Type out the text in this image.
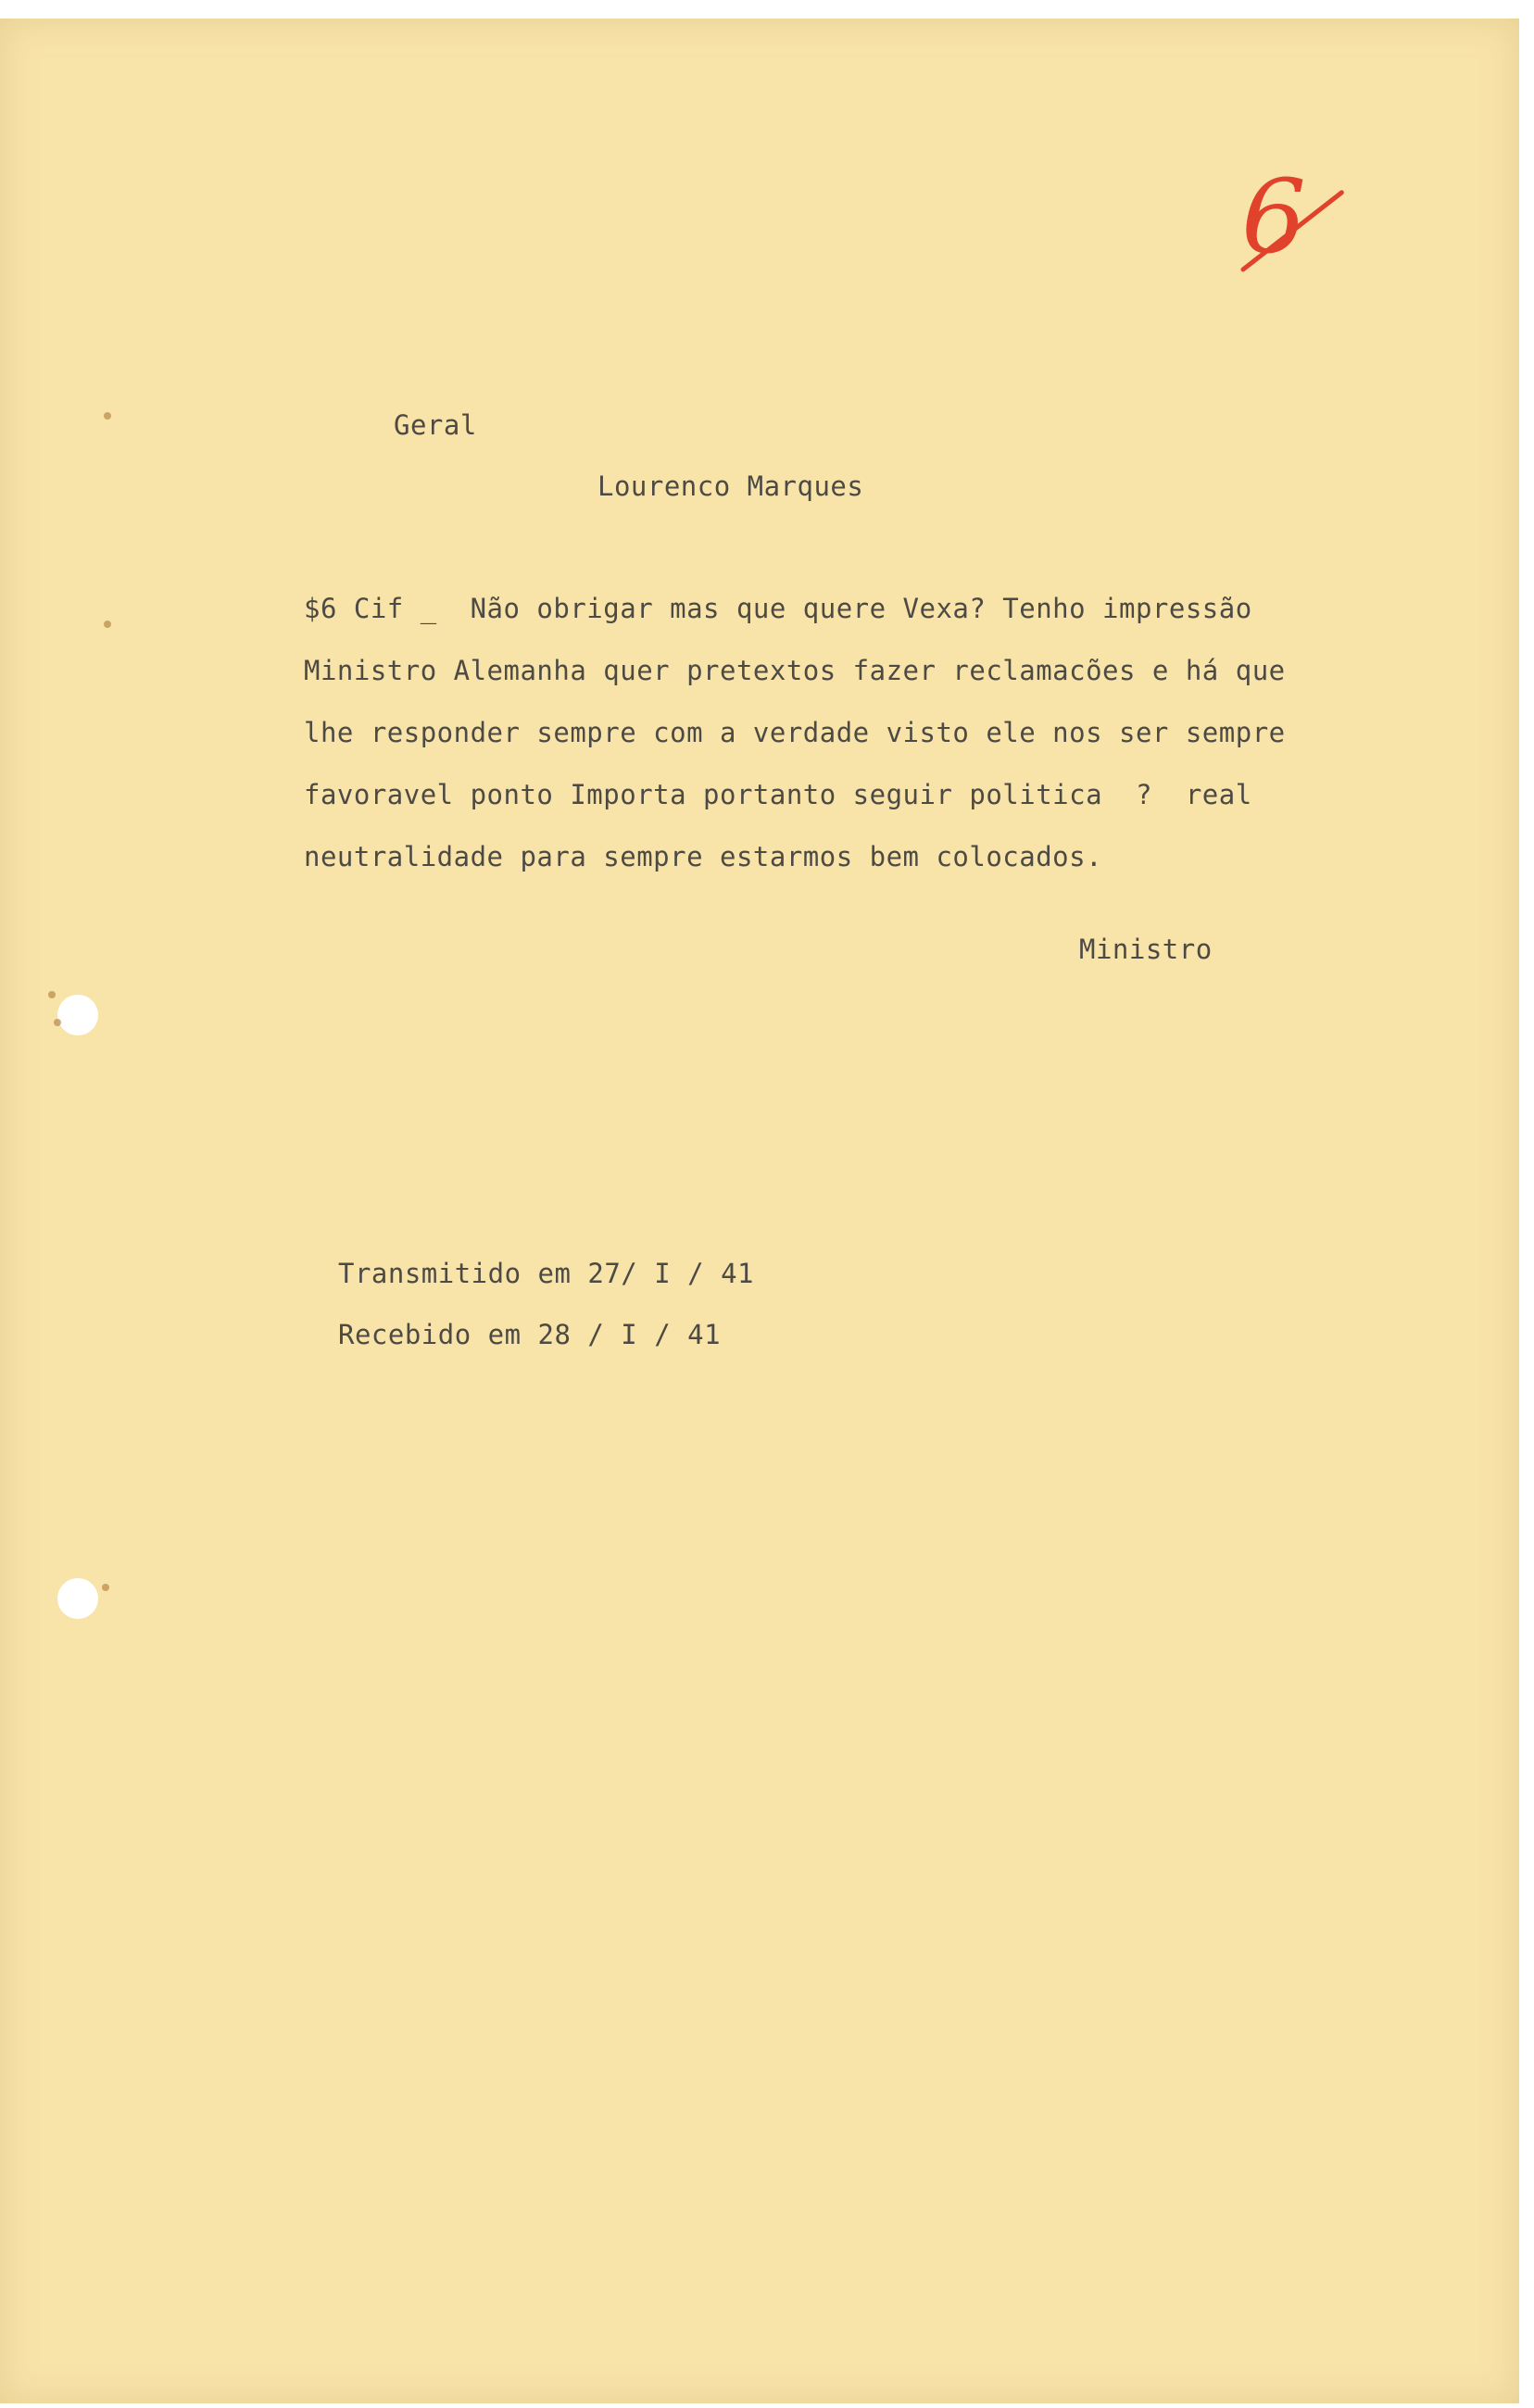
6
Geral
Lourenco Marques
$6 Cif _  Não obrigar mas que quere Vexa? Tenho impressão
Ministro Alemanha quer pretextos fazer reclamacões e há que
lhe responder sempre com a verdade visto ele nos ser sempre
favoravel ponto Importa portanto seguir politica  ?  real
neutralidade para sempre estarmos bem colocados.
Ministro
Transmitido em 27/ I / 41
Recebido em 28 / I / 41
